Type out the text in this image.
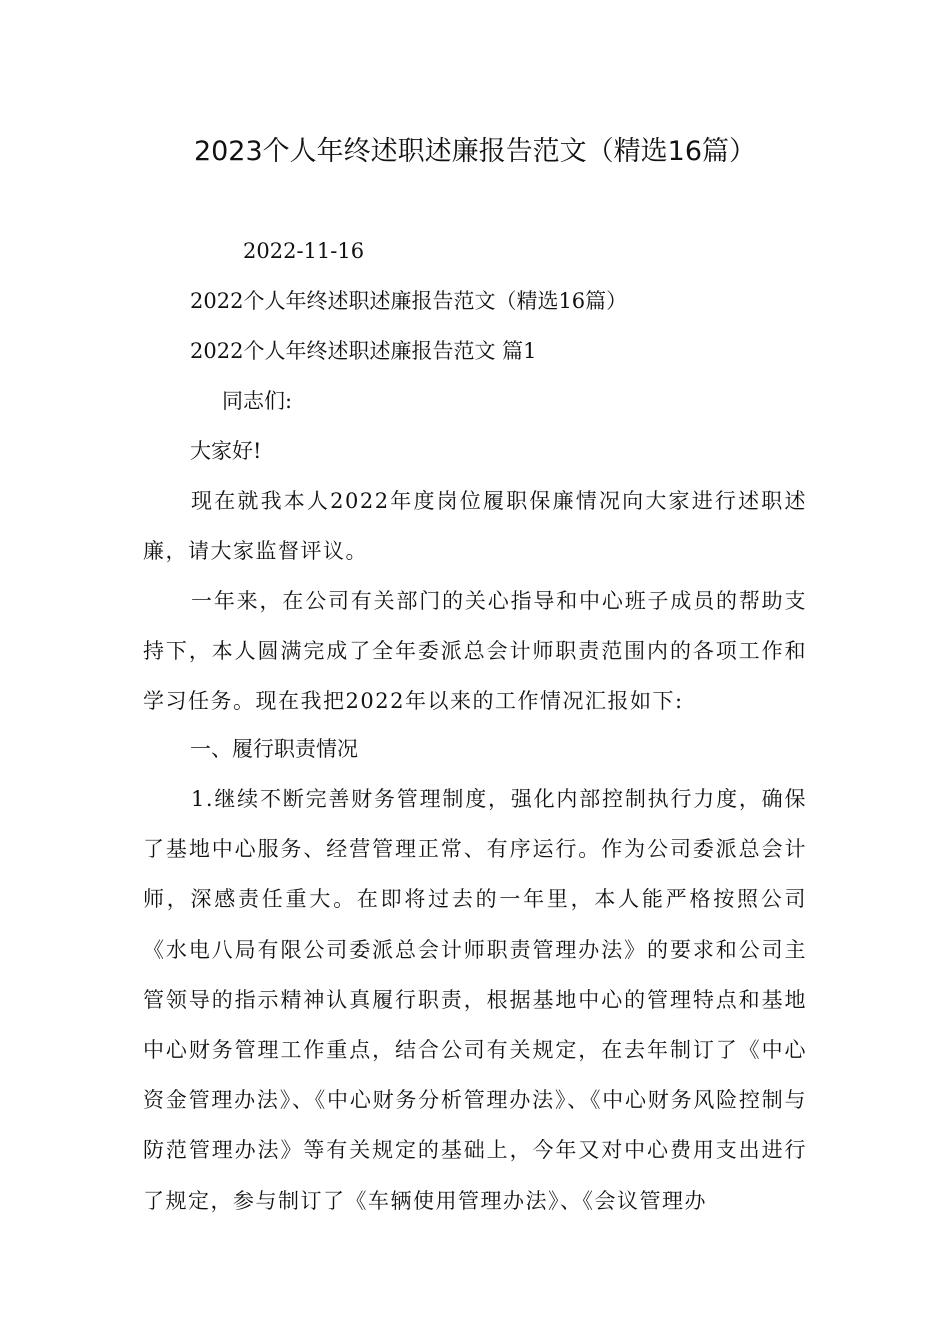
2023个人年终述职述廉报告范文（精选16篇）
2022-11-16
2022个人年终述职述廉报告范文（精选16篇）
2022个人年终述职述廉报告范文 篇1
同志们:
大家好!
现在就我本人2022年度岗位履职保廉情况向大家进行述职述廉，请大家监督评议。
一年来，在公司有关部门的关心指导和中心班子成员的帮助支持下，本人圆满完成了全年委派总会计师职责范围内的各项工作和学习任务。现在我把2022年以来的工作情况汇报如下:
一、履行职责情况
1.继续不断完善财务管理制度，强化内部控制执行力度，确保了基地中心服务、经营管理正常、有序运行。作为公司委派总会计师，深感责任重大。在即将过去的一年里，本人能严格按照公司《水电八局有限公司委派总会计师职责管理办法》的要求和公司主管领导的指示精神认真履行职责，根据基地中心的管理特点和基地中心财务管理工作重点，结合公司有关规定，在去年制订了《中心资金管理办法》、《中心财务分析管理办法》、《中心财务风险控制与防范管理办法》等有关规定的基础上，今年又对中心费用支出进行了规定，参与制订了《车辆使用管理办法》、《会议管理办
